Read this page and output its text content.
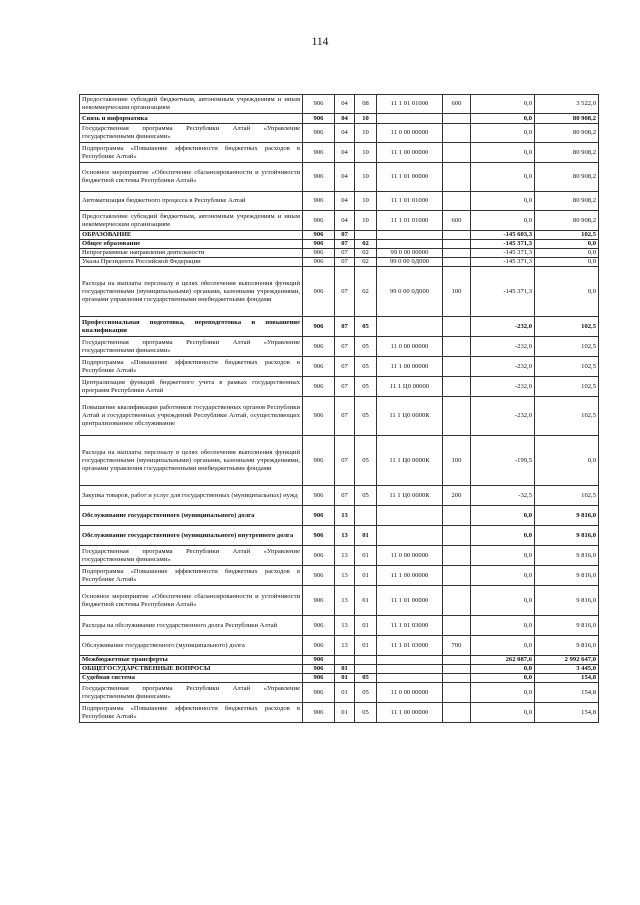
114
Предоставление субсидий бюджетным, автономным учреждениям и иным некоммерческим организациям	906	04	08	11 1 01 01000	600	0,0	3 522,0
Связь и информатика	906	04	10			0,0	80 908,2
Государственная программа Республики Алтай «Управление государственными финансами»	906	04	10	11 0 00 00000		0,0	80 908,2
Подпрограмма «Повышение эффективности бюджетных расходов в Республике Алтай»	906	04	10	11 1 00 00000		0,0	80 908,2
Основное мероприятие «Обеспечение сбалансированности и устойчивости бюджетной системы Республики Алтай»	906	04	10	11 1 01 00000		0,0	80 908,2
Автоматизация бюджетного процесса в Республике Алтай	906	04	10	11 1 01 01000		0,0	80 908,2
Предоставление субсидий бюджетным, автономным учреждениям и иным некоммерческим организациям	906	04	10	11 1 01 01000	600	0,0	80 908,2
ОБРАЗОВАНИЕ	906	07				-145 603,3	102,5
Общее образование	906	07	02			-145 371,3	0,0
Непрограммные направления деятельности	906	07	02	99 0 00 00000		-145 371,3	0,0
Указы Президента Российской Федерации	906	07	02	99 0 00 0Д000		-145 371,3	0,0
Расходы на выплаты персоналу в целях обеспечения выполнения функций государственными (муниципальными) органами, казенными учреждениями, органами управления государственными внебюджетными фондами	906	07	02	99 0 00 0Д000	100	-145 371,3	0,0
Профессиональная подготовка, переподготовка и повышение квалификации	906	07	05			-232,0	102,5
Государственная программа Республики Алтай «Управление государственными финансами»	906	07	05	11 0 00 00000		-232,0	102,5
Подпрограмма «Повышение эффективности бюджетных расходов в Республике Алтай»	906	07	05	11 1 00 00000		-232,0	102,5
Централизация функций бюджетного учета в рамках государственных программ Республики Алтай	906	07	05	11 1 Ц0 00000		-232,0	102,5
Повышение квалификации работников государственных органов Республики Алтай и государственных учреждений Республики Алтай, осуществляющих централизованное обслуживание	906	07	05	11 1 Ц0 0000К		-232,0	102,5
Расходы на выплаты персоналу в целях обеспечения выполнения функций государственными (муниципальными) органами, казенными учреждениями, органами управления государственными внебюджетными фондами	906	07	05	11 1 Ц0 0000К	100	-199,5	0,0
Закупка товаров, работ и услуг для государственных (муниципальных) нужд	906	07	05	11 1 Ц0 0000К	200	-32,5	102,5
Обслуживание государственного (муниципального) долга	906	13				0,0	9 816,0
Обслуживание государственного (муниципального) внутреннего долга	906	13	01			0,0	9 816,0
Государственная программа Республики Алтай «Управление государственными финансами»	906	13	01	11 0 00 00000		0,0	9 816,0
Подпрограмма «Повышение эффективности бюджетных расходов в Республике Алтай»	906	13	01	11 1 00 00000		0,0	9 816,0
Основное мероприятие «Обеспечение сбалансированности и устойчивости бюджетной системы Республики Алтай»	906	13	01	11 1 01 00000		0,0	9 816,0
Расходы на обслуживание государственного долга Республики Алтай	906	13	01	11 1 01 03000		0,0	9 816,0
Обслуживание государственного (муниципального) долга	906	13	01	11 1 01 03000	700	0,0	9 816,0
Межбюджетные трансферты	906					262 087,6	2 992 647,0
ОБЩЕГОСУДАРСТВЕННЫЕ ВОПРОСЫ	906	01				0,0	3 445,0
Судебная система	906	01	05			0,0	154,8
Государственная программа Республики Алтай «Управление государственными финансами»	906	01	05	11 0 00 00000		0,0	154,8
Подпрограмма «Повышение эффективности бюджетных расходов в Республике Алтай»	906	01	05	11 1 00 00000		0,0	154,8
